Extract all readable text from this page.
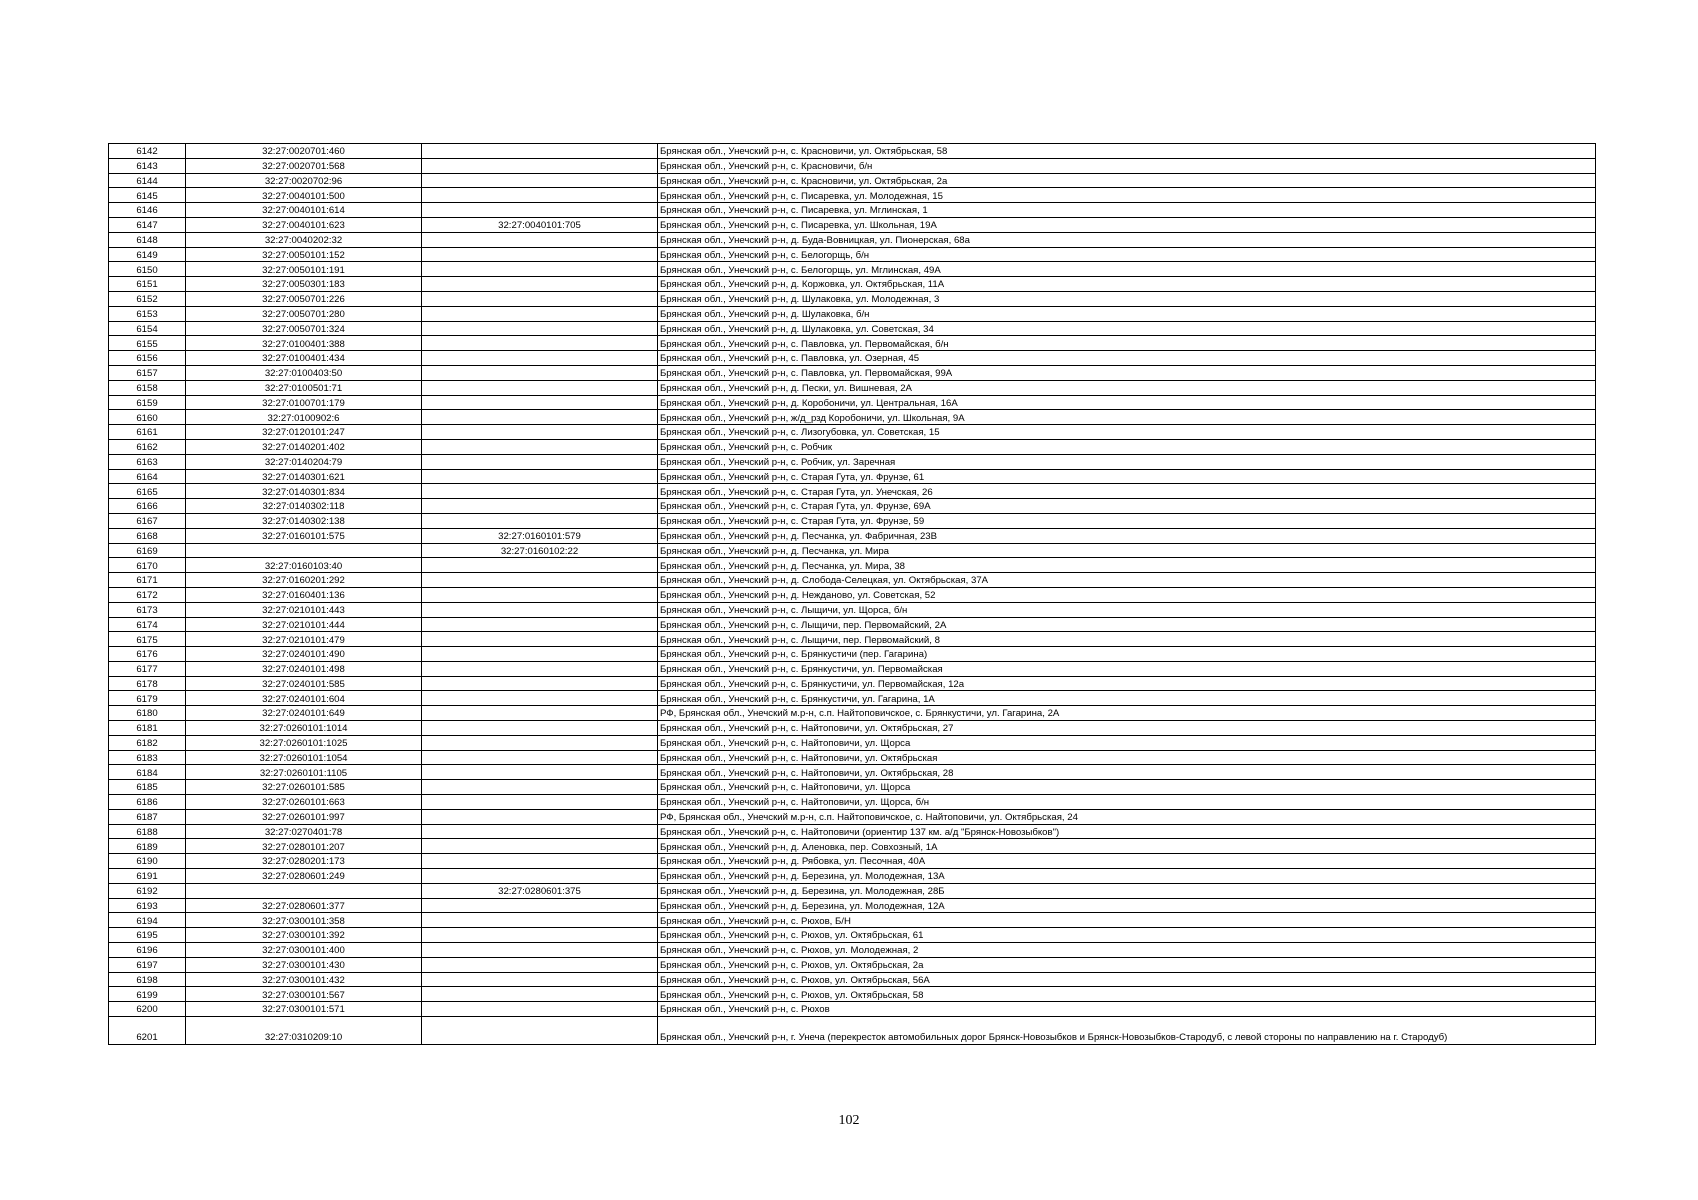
6142	32:27:0020701:460		Брянская обл., Унечский р-н, с. Красновичи, ул. Октябрьская, 58
6143	32:27:0020701:568		Брянская обл., Унечский р-н, с. Красновичи, б/н
6144	32:27:0020702:96		Брянская обл., Унечский р-н, с. Красновичи, ул. Октябрьская, 2а
6145	32:27:0040101:500		Брянская обл., Унечский р-н, с. Писаревка, ул. Молодежная, 15
6146	32:27:0040101:614		Брянская обл., Унечский р-н, с. Писаревка, ул. Мглинская, 1
6147	32:27:0040101:623	32:27:0040101:705	Брянская обл., Унечский р-н, с. Писаревка, ул. Школьная, 19А
6148	32:27:0040202:32		Брянская обл., Унечский р-н, д. Буда-Вовницкая, ул. Пионерская, 68а
6149	32:27:0050101:152		Брянская обл., Унечский р-н, с. Белогорщь, б/н
6150	32:27:0050101:191		Брянская обл., Унечский р-н, с. Белогорщь, ул. Мглинская, 49А
6151	32:27:0050301:183		Брянская обл., Унечский р-н, д. Коржовка, ул. Октябрьская, 11А
6152	32:27:0050701:226		Брянская обл., Унечский р-н, д. Шулаковка, ул. Молодежная, 3
6153	32:27:0050701:280		Брянская обл., Унечский р-н, д. Шулаковка, б/н
6154	32:27:0050701:324		Брянская обл., Унечский р-н, д. Шулаковка, ул. Советская, 34
6155	32:27:0100401:388		Брянская обл., Унечский р-н, с. Павловка, ул. Первомайская, б/н
6156	32:27:0100401:434		Брянская обл., Унечский р-н, с. Павловка, ул. Озерная, 45
6157	32:27:0100403:50		Брянская обл., Унечский р-н, с. Павловка, ул. Первомайская, 99А
6158	32:27:0100501:71		Брянская обл., Унечский р-н, д. Пески, ул. Вишневая, 2А
6159	32:27:0100701:179		Брянская обл., Унечский р-н, д. Коробоничи, ул. Центральная, 16А
6160	32:27:0100902:6		Брянская обл., Унечский р-н, ж/д_рзд Коробоничи, ул. Школьная, 9А
6161	32:27:0120101:247		Брянская обл., Унечский р-н, с. Лизогубовка, ул. Советская, 15
6162	32:27:0140201:402		Брянская обл., Унечский р-н, с. Робчик
6163	32:27:0140204:79		Брянская обл., Унечский р-н, с. Робчик, ул. Заречная
6164	32:27:0140301:621		Брянская обл., Унечский р-н, с. Старая Гута, ул. Фрунзе, 61
6165	32:27:0140301:834		Брянская обл., Унечский р-н, с. Старая Гута, ул. Унечская, 26
6166	32:27:0140302:118		Брянская обл., Унечский р-н, с. Старая Гута, ул. Фрунзе, 69А
6167	32:27:0140302:138		Брянская обл., Унечский р-н, с. Старая Гута, ул. Фрунзе, 59
6168	32:27:0160101:575	32:27:0160101:579	Брянская обл., Унечский р-н, д. Песчанка, ул. Фабричная, 23В
6169		32:27:0160102:22	Брянская обл., Унечский р-н, д. Песчанка, ул. Мира
6170	32:27:0160103:40		Брянская обл., Унечский р-н, д. Песчанка, ул. Мира, 38
6171	32:27:0160201:292		Брянская обл., Унечский р-н, д. Слобода-Селецкая, ул. Октябрьская, 37А
6172	32:27:0160401:136		Брянская обл., Унечский р-н, д. Нежданово, ул. Советская, 52
6173	32:27:0210101:443		Брянская обл., Унечский р-н, с. Лыщичи, ул. Щорса, б/н
6174	32:27:0210101:444		Брянская обл., Унечский р-н, с. Лыщичи, пер. Первомайский, 2А
6175	32:27:0210101:479		Брянская обл., Унечский р-н, с. Лыщичи, пер. Первомайский, 8
6176	32:27:0240101:490		Брянская обл., Унечский р-н, с. Брянкустичи (пер. Гагарина)
6177	32:27:0240101:498		Брянская обл., Унечский р-н, с. Брянкустичи, ул. Первомайская
6178	32:27:0240101:585		Брянская обл., Унечский р-н, с. Брянкустичи, ул. Первомайская, 12а
6179	32:27:0240101:604		Брянская обл., Унечский р-н, с. Брянкустичи, ул. Гагарина, 1А
6180	32:27:0240101:649		РФ, Брянская обл., Унечский м.р-н, с.п. Найтоповичское, с. Брянкустичи, ул. Гагарина, 2А
6181	32:27:0260101:1014		Брянская обл., Унечский р-н, с. Найтоповичи, ул. Октябрьская, 27
6182	32:27:0260101:1025		Брянская обл., Унечский р-н, с. Найтоповичи, ул. Щорса
6183	32:27:0260101:1054		Брянская обл., Унечский р-н, с. Найтоповичи, ул. Октябрьская
6184	32:27:0260101:1105		Брянская обл., Унечский р-н, с. Найтоповичи, ул. Октябрьская, 28
6185	32:27:0260101:585		Брянская обл., Унечский р-н, с. Найтоповичи, ул. Щорса
6186	32:27:0260101:663		Брянская обл., Унечский р-н, с. Найтоповичи, ул. Щорса, б/н
6187	32:27:0260101:997		РФ, Брянская обл., Унечский м.р-н, с.п. Найтоповичское, с. Найтоповичи, ул. Октябрьская, 24
6188	32:27:0270401:78		Брянская обл., Унечский р-н, с. Найтоповичи (ориентир 137 км. а/д "Брянск-Новозыбков")
6189	32:27:0280101:207		Брянская обл., Унечский р-н, д. Аленовка, пер. Совхозный, 1А
6190	32:27:0280201:173		Брянская обл., Унечский р-н, д. Рябовка, ул. Песочная, 40А
6191	32:27:0280601:249		Брянская обл., Унечский р-н, д. Березина, ул. Молодежная, 13А
6192		32:27:0280601:375	Брянская обл., Унечский р-н, д. Березина, ул. Молодежная, 28Б
6193	32:27:0280601:377		Брянская обл., Унечский р-н, д. Березина, ул. Молодежная, 12А
6194	32:27:0300101:358		Брянская обл., Унечский р-н, с. Рюхов, Б/Н
6195	32:27:0300101:392		Брянская обл., Унечский р-н, с. Рюхов, ул. Октябрьская, 61
6196	32:27:0300101:400		Брянская обл., Унечский р-н, с. Рюхов, ул. Молодежная, 2
6197	32:27:0300101:430		Брянская обл., Унечский р-н, с. Рюхов, ул. Октябрьская, 2а
6198	32:27:0300101:432		Брянская обл., Унечский р-н, с. Рюхов, ул. Октябрьская, 56А
6199	32:27:0300101:567		Брянская обл., Унечский р-н, с. Рюхов, ул. Октябрьская, 58
6200	32:27:0300101:571		Брянская обл., Унечский р-н, с. Рюхов
6201	32:27:0310209:10		Брянская обл., Унечский р-н, г. Унеча (перекресток автомобильных дорог Брянск-Новозыбков и Брянск-Новозыбков-Стародуб, с левой стороны по направлению на г. Стародуб)
102
